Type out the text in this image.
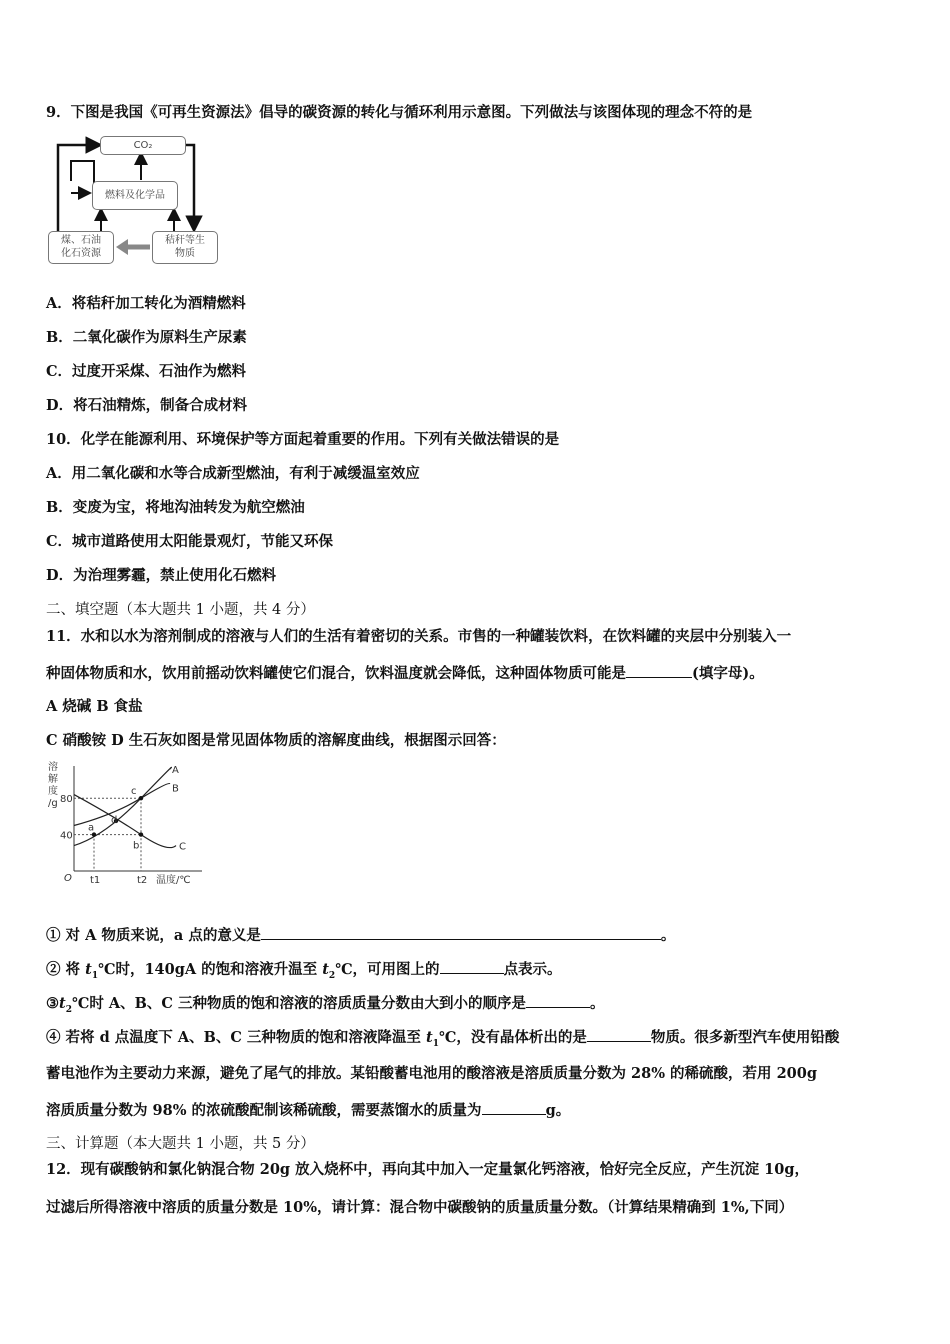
9．下图是我国《可再生资源法》倡导的碳资源的转化与循环利用示意图。下列做法与该图体现的理念不符的是
CO₂
燃料及化学品
煤、石油
化石资源
秸秆等生
物质
A．将秸秆加工转化为酒精燃料
B．二氧化碳作为原料生产尿素
C．过度开采煤、石油作为燃料
D．将石油精炼，制备合成材料
10．化学在能源利用、环境保护等方面起着重要的作用。下列有关做法错误的是
A．用二氧化碳和水等合成新型燃油，有利于减缓温室效应
B．变废为宝，将地沟油转发为航空燃油
C．城市道路使用太阳能景观灯，节能又环保
D．为治理雾霾，禁止使用化石燃料
二、填空题（本大题共 1 小题，共 4 分）
11．水和以水为溶剂制成的溶液与人们的生活有着密切的关系。市售的一种罐装饮料，在饮料罐的夹层中分别装入一
种固体物质和水，饮用前摇动饮料罐使它们混合，饮料温度就会降低，这种固体物质可能是	(填字母)。
A 烧碱 B 食盐
C 硝酸铵 D 生石灰如图是常见固体物质的溶解度曲线，根据图示回答：
溶
解
度
/g 80
40
t1	t2
O	温度/℃
A
B
C
a
b
c
d
① 对 A 物质来说，a 点的意义是	。
② 将 $t_1℃$时，140gA 的饱和溶液升温至 $t_2℃$，可用图上的	点表示。
$③t_2℃$时 A、B、C 三种物质的饱和溶液的溶质质量分数由大到小的顺序是	。
④ 若将 d 点温度下 A、B、C 三种物质的饱和溶液降温至 $t_1℃$，没有晶体析出的是	物质。很多新型汽车使用铅酸
蓄电池作为主要动力来源，避免了尾气的排放。某铅酸蓄电池用的酸溶液是溶质质量分数为 28% 的稀硫酸，若用 200g
溶质质量分数为 98% 的浓硫酸配制该稀硫酸，需要蒸馏水的质量为	g。
三、计算题（本大题共 1 小题，共 5 分）
12．现有碳酸钠和氯化钠混合物 20g 放入烧杯中，再向其中加入一定量氯化钙溶液，恰好完全反应，产生沉淀 10g，
过滤后所得溶液中溶质的质量分数是 10%，请计算：混合物中碳酸钠的质量质量分数。（计算结果精确到 1%,下同）
